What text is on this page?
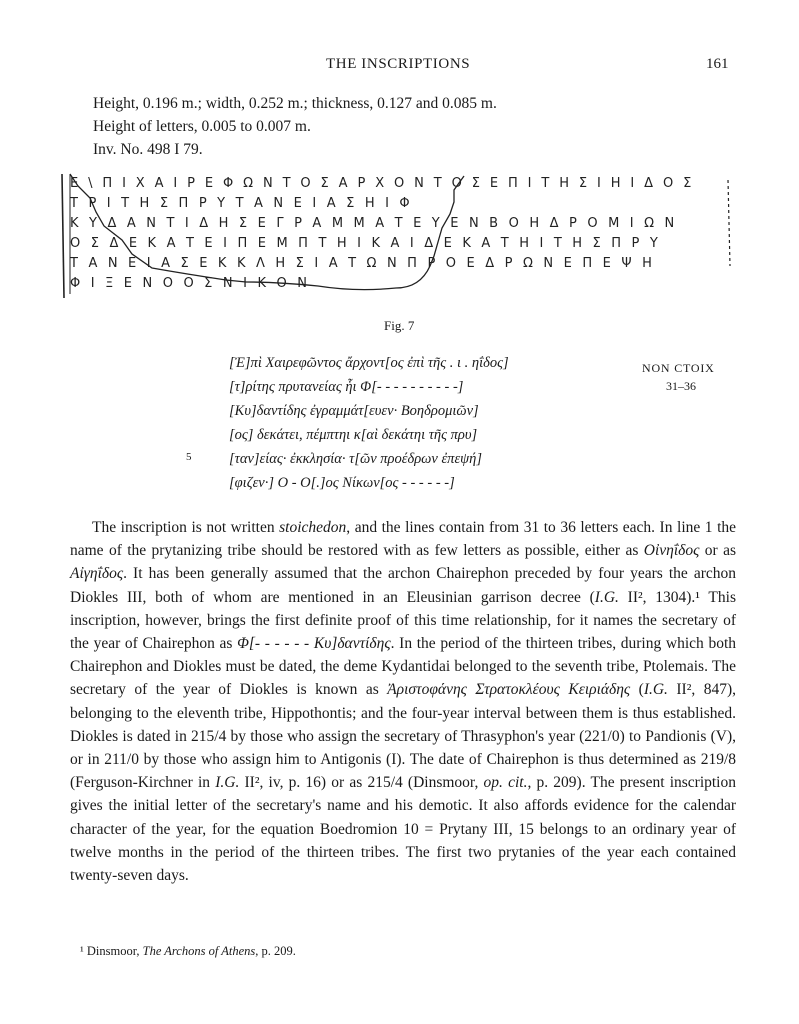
THE INSCRIPTIONS	161
Height, 0.196 m.; width, 0.252 m.; thickness, 0.127 and 0.085 m.
Height of letters, 0.005 to 0.007 m.
Inv. No. 498 I 79.
Ε\ΠΙΧΑΙΡΕΦΩΝΤΟΣΑΡΧΟΝΤΟΣΕΠΙΤΗΣΙΗΙΔΟΣ
ΤΡΙΤΗΣΠΡΥΤΑΝΕΙΑΣΗΙΦ
ΚΥΔΑΝΤΙΔΗΣΕΓΡΑΜΜΑΤΕΥΕΝΒΟΗΔΡΟΜΙΩΝ
ΟΣΔΕΚΑΤΕΙΠΕΜΠΤΗΙΚΑΙΔΕΚΑΤΗΙΤΗΣΠΡΥ
ΤΑΝΕΙΑΣΕΚΚΛΗΣΙΑΤΩΝΠΡΟΕΔΡΩΝΕΠΕΨΗ
ΦΙΞΕΝΟΟΣΝΙΚΟΝ
Fig. 7
[Ἐ]πὶ Χαιρεφῶντος ἄρχοντ[ος ἐπὶ τῆς . ι . ηΐδος]
[τ]ρίτης πρυτανείας ἧι Φ[- - - - - - - - - -]
[Κυ]δαντίδης ἐγραμμάτ[ευεν· Βοηδρομιῶν]
[ος] δεκάτει, πέμπτηι κ[αὶ δεκάτηι τῆς πρυ]
[ταν]είας· ἐκκλησία· τ[ῶν προέδρων ἐπεψή]
[φιζεν·] Ο - Ο[.]ος Νίκων[ος - - - - - -]
5
NON CTOIX
31–36

The inscription is not written stoichedon, and the lines contain from 31 to 36 letters each. In line 1 the name of the prytanizing tribe should be restored with as few letters as possible, either as Οἰνηΐδος or as Αἰγηΐδος. It has been generally assumed that the archon Chairephon preceded by four years the archon Diokles III, both of whom are mentioned in an Eleusinian garrison decree (I.G. II², 1304).¹ This inscription, however, brings the first definite proof of this time relationship, for it names the secretary of the year of Chairephon as Φ[- - - - - - Κυ]δαντίδης. In the period of the thirteen tribes, during which both Chairephon and Diokles must be dated, the deme Kydantidai belonged to the seventh tribe, Ptolemais. The secretary of the year of Diokles is known as Ἀριστοφάνης Στρατοκλέους Κειριάδης (I.G. II², 847), belonging to the eleventh tribe, Hippothontis; and the four-year interval between them is thus established. Diokles is dated in 215/4 by those who assign the secretary of Thrasyphon's year (221/0) to Pandionis (V), or in 211/0 by those who assign him to Antigonis (I). The date of Chairephon is thus determined as 219/8 (Ferguson-Kirchner in I.G. II², iv, p. 16) or as 215/4 (Dinsmoor, op. cit., p. 209). The present inscription gives the initial letter of the secretary's name and his demotic. It also affords evidence for the calendar character of the year, for the equation Boedromion 10 = Prytany III, 15 belongs to an ordinary year of twelve months in the period of the thirteen tribes. The first two prytanies of the year each contained twenty-seven days.

¹ Dinsmoor, The Archons of Athens, p. 209.
